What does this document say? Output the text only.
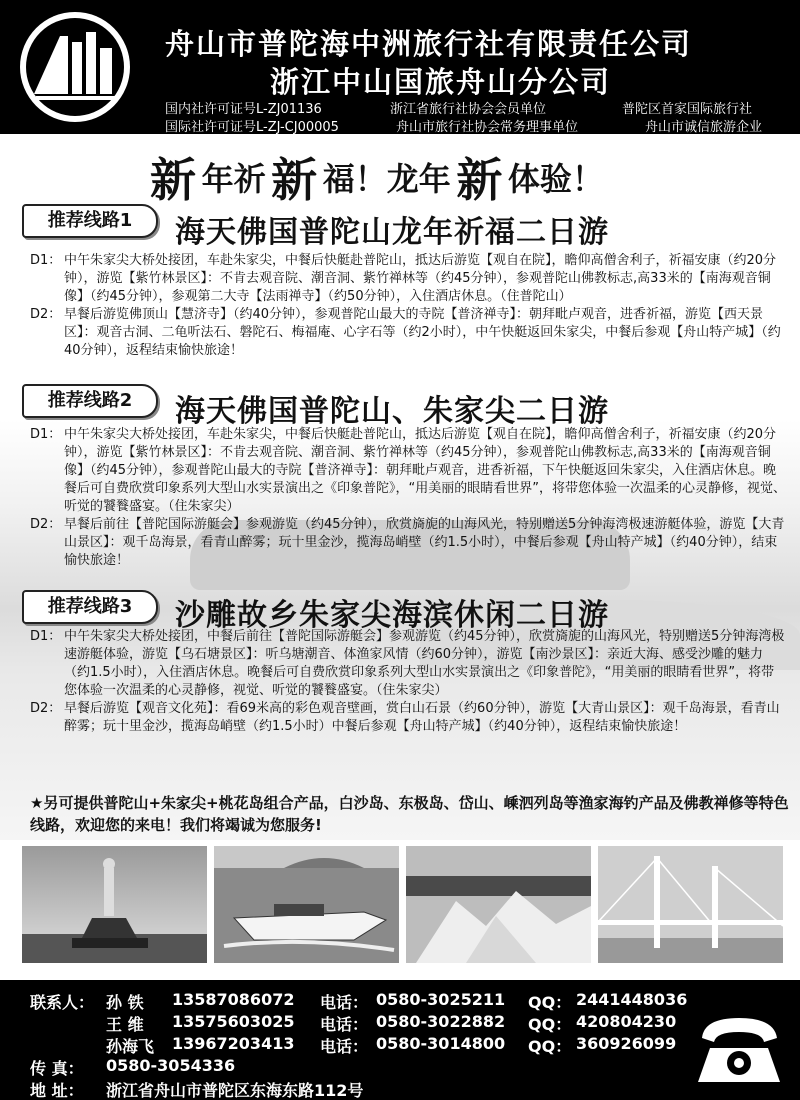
舟山市普陀海中洲旅行社有限责任公司
浙江中山国旅舟山分公司
国内社许可证号L-ZJ01136	浙江省旅行社协会会员单位	普陀区首家国际旅行社
国际社许可证号L-ZJ-CJ00005	舟山市旅行社协会常务理事单位	舟山市诚信旅游企业
新 年祈 新 福！龙年 新 体验！
推荐线路1	海天佛国普陀山龙年祈福二日游
D1： 中午朱家尖大桥处接团，车赴朱家尖，中餐后快艇赴普陀山，抵达后游览【观自在院】，瞻仰高僧舍利子，祈福安康（约20分钟），游览【紫竹林景区】：不肯去观音院、潮音洞、紫竹禅林等（约45分钟），参观普陀山佛教标志,高33米的【南海观音铜像】（约45分钟），参观第二大寺【法雨禅寺】（约50分钟），入住酒店休息。（住普陀山）
D2： 早餐后游览佛顶山【慧济寺】（约40分钟），参观普陀山最大的寺院【普济禅寺】：朝拜毗卢观音，进香祈福，游览【西天景区】：观音古洞、二龟听法石、磐陀石、梅福庵、心字石等（约2小时），中午快艇返回朱家尖，中餐后参观【舟山特产城】（约40分钟），返程结束愉快旅途！
推荐线路2	海天佛国普陀山、朱家尖二日游
D1： 中午朱家尖大桥处接团，车赴朱家尖，中餐后快艇赴普陀山，抵达后游览【观自在院】，瞻仰高僧舍利子，祈福安康（约20分钟），游览【紫竹林景区】：不肯去观音院、潮音洞、紫竹禅林等（约45分钟），参观普陀山佛教标志,高33米的【南海观音铜像】（约45分钟），参观普陀山最大的寺院【普济禅寺】：朝拜毗卢观音，进香祈福，下午快艇返回朱家尖，入住酒店休息。晚餐后可自费欣赏印象系列大型山水实景演出之《印象普陀》，“用美丽的眼睛看世界”，将带您体验一次温柔的心灵静修，视觉、听觉的饕餮盛宴。（住朱家尖）
D2： 早餐后前往【普陀国际游艇会】参观游览（约45分钟），欣赏旖旎的山海风光，特别赠送5分钟海湾极速游艇体验，游览【大青山景区】：观千岛海景，看青山醉雾；玩十里金沙，揽海岛峭壁（约1.5小时），中餐后参观【舟山特产城】（约40分钟），结束愉快旅途！
推荐线路3	沙雕故乡朱家尖海滨休闲二日游
D1： 中午朱家尖大桥处接团，中餐后前往【普陀国际游艇会】参观游览（约45分钟），欣赏旖旎的山海风光，特别赠送5分钟海湾极速游艇体验，游览【乌石塘景区】：听乌塘潮音、体渔家风情（约60分钟），游览【南沙景区】：亲近大海、感受沙雕的魅力（约1.5小时），入住酒店休息。晚餐后可自费欣赏印象系列大型山水实景演出之《印象普陀》，“用美丽的眼睛看世界”，将带您体验一次温柔的心灵静修，视觉、听觉的饕餮盛宴。（住朱家尖）
D2： 早餐后游览【观音文化苑】：看69米高的彩色观音壁画，赏白山石景（约60分钟），游览【大青山景区】：观千岛海景，看青山醉雾；玩十里金沙，揽海岛峭壁（约1.5小时）中餐后参观【舟山特产城】（约40分钟），返程结束愉快旅途！
★另可提供普陀山+朱家尖+桃花岛组合产品，白沙岛、东极岛、岱山、嵊泗列岛等渔家海钓产品及佛教禅修等特色线路，欢迎您的来电！我们将竭诚为您服务!
联系人： 孙 铁 13587086072 电话： 0580-3025211 QQ： 2441448036
王 维 13575603025 电话： 0580-3022882 QQ： 420804230
孙海飞 13967203413 电话： 0580-3014800 QQ： 360926099
传 真： 0580-3054336
地 址： 浙江省舟山市普陀区东海东路112号
